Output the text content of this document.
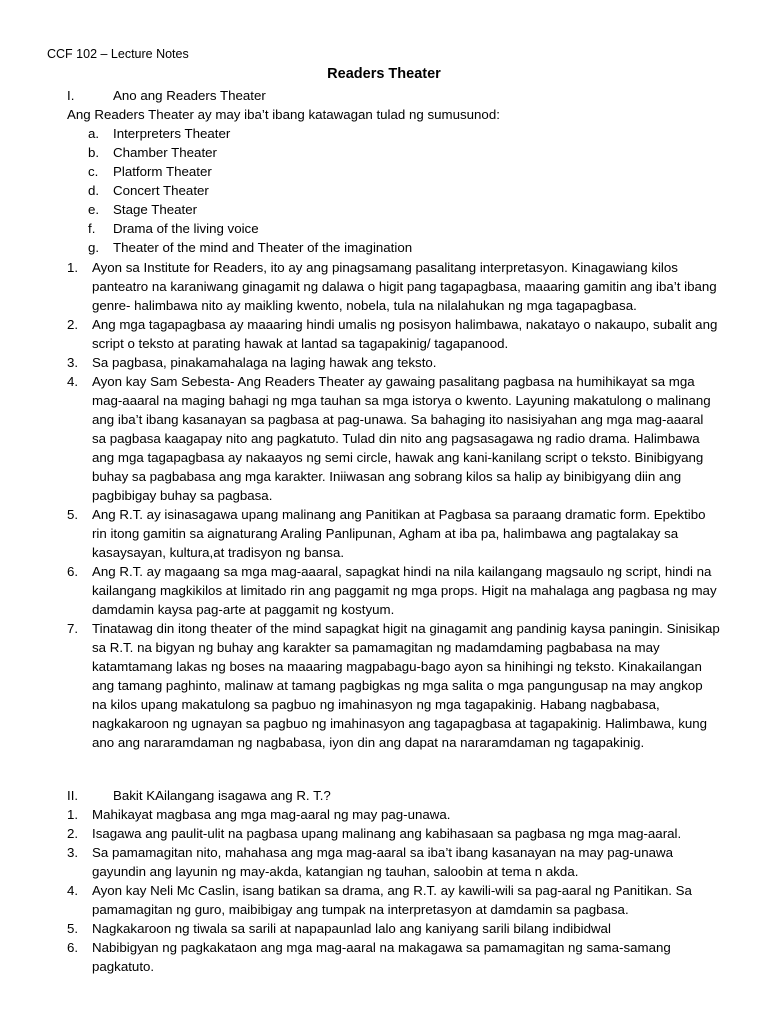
CCF 102 – Lecture Notes
Readers Theater
I.	Ano ang Readers Theater
Ang Readers Theater ay may iba’t ibang katawagan tulad ng sumusunod:
a. Interpreters Theater
b. Chamber Theater
c. Platform Theater
d. Concert Theater
e. Stage Theater
f. Drama of the living voice
g. Theater of the mind and Theater of the imagination
1. Ayon sa Institute for Readers, ito ay ang pinagsamang pasalitang interpretasyon. Kinagawiang kilos panteatro na karaniwang ginagamit ng dalawa o higit pang tagapagbasa, maaaring gamitin ang iba’t ibang genre- halimbawa nito ay maikling kwento, nobela, tula na nilalahukan ng mga tagapagbasa.
2. Ang mga tagapagbasa ay maaaring hindi umalis ng posisyon halimbawa, nakatayo o nakaupo, subalit ang script o teksto at parating hawak at lantad sa tagapakinig/ tagapanood.
3. Sa pagbasa, pinakamahalaga na laging hawak ang teksto.
4. Ayon kay Sam Sebesta- Ang Readers Theater ay gawaing pasalitang pagbasa na humihikayat sa mga mag-aaaral na maging bahagi ng mga tauhan sa mga istorya o kwento. Layuning makatulong o malinang ang iba’t ibang kasanayan sa pagbasa at pag-unawa. Sa bahaging ito nasisiyahan ang mga mag-aaaral sa pagbasa kaagapay nito ang pagkatuto. Tulad din nito ang pagsasagawa ng radio drama. Halimbawa ang mga tagapagbasa ay nakaayos ng semi circle, hawak ang kani-kanilang script o teksto. Binibigyang buhay sa pagbabasa ang mga karakter. Iniiwasan ang sobrang kilos sa halip ay binibigyang diin ang pagbibigay buhay sa pagbasa.
5. Ang R.T. ay isinasagawa upang malinang ang Panitikan at Pagbasa sa paraang dramatic form. Epektibo rin itong gamitin sa aignaturang Araling Panlipunan, Agham at iba pa, halimbawa ang pagtalakay sa kasaysayan, kultura,at tradisyon ng bansa.
6. Ang R.T. ay magaang sa mga mag-aaaral, sapagkat hindi na nila kailangang magsaulo ng script, hindi na kailangang magkikilos at limitado rin ang paggamit ng mga props. Higit na mahalaga ang pagbasa ng may damdamin kaysa pag-arte at paggamit ng kostyum.
7. Tinatawag din itong theater of the mind sapagkat higit na ginagamit ang pandinig kaysa paningin. Sinisikap sa R.T. na bigyan ng buhay ang karakter sa pamamagitan ng madamdaming pagbabasa na may katamtamang lakas ng boses na maaaring magpabagu-bago ayon sa hinihingi ng teksto. Kinakailangan ang tamang paghinto, malinaw at tamang pagbigkas ng mga salita o mga pangungusap na may angkop na kilos upang makatulong sa pagbuo ng imahinasyon ng mga tagapakinig. Habang nagbabasa, nagkakaroon ng ugnayan sa pagbuo ng imahinasyon ang tagapagbasa at tagapakinig. Halimbawa, kung ano ang nararamdaman ng nagbabasa, iyon din ang dapat na nararamdaman ng tagapakinig.
II.	Bakit KAilangang isagawa ang R. T.?
1. Mahikayat magbasa ang mga mag-aaral ng may pag-unawa.
2. Isagawa ang paulit-ulit na pagbasa upang malinang ang kabihasaan sa pagbasa ng mga mag-aaral.
3. Sa pamamagitan nito, mahahasa ang mga mag-aaral sa iba’t ibang kasanayan na may pag-unawa gayundin ang layunin ng may-akda, katangian ng tauhan, saloobin at tema n akda.
4. Ayon kay Neli Mc Caslin, isang batikan sa drama, ang R.T. ay kawili-wili sa pag-aaral ng Panitikan. Sa pamamagitan ng guro, maibibigay ang tumpak na interpretasyon at damdamin sa pagbasa.
5. Nagkakaroon ng tiwala sa sarili at napapaunlad lalo ang kaniyang sarili bilang indibidwal
6. Nabibigyan ng pagkakataon ang mga mag-aaral na makagawa sa pamamagitan ng sama-samang pagkatuto.
